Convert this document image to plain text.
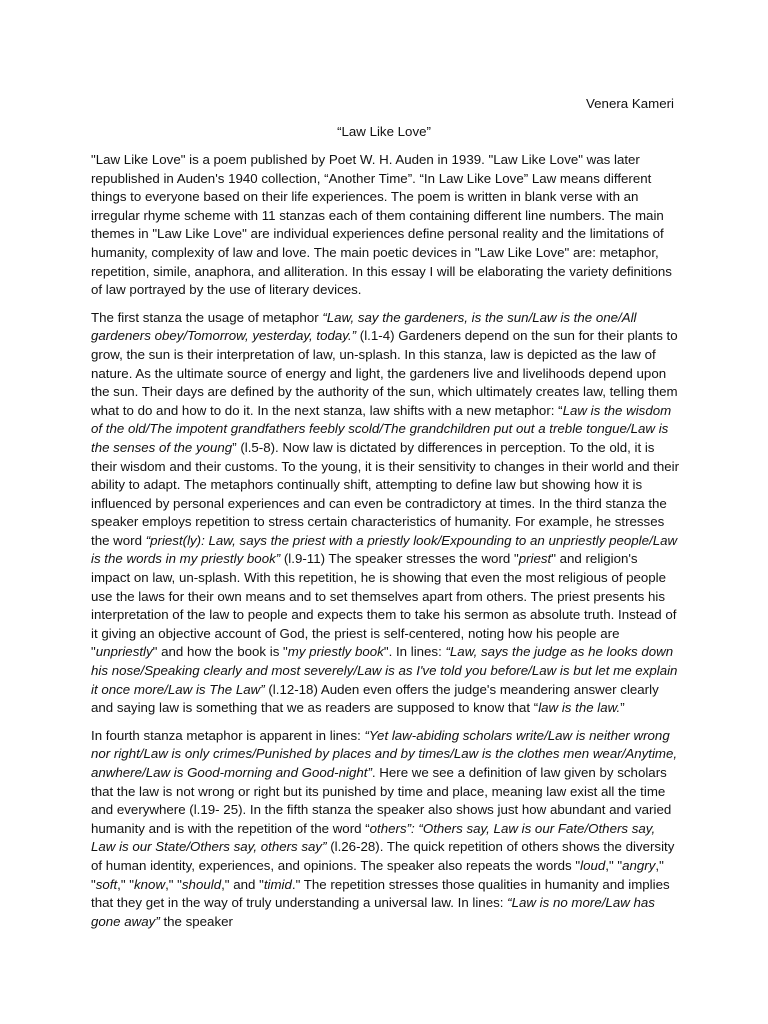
Venera Kameri

“Law Like Love”

"Law Like Love" is a poem published by Poet W. H. Auden in 1939. "Law Like Love" was later republished in Auden's 1940 collection, “Another Time”. “In Law Like Love” Law means different things to everyone based on their life experiences. The poem is written in blank verse with an irregular rhyme scheme with 11 stanzas each of them containing different line numbers. The main themes in "Law Like Love" are individual experiences define personal reality and the limitations of humanity, complexity of law and love. The main poetic devices in "Law Like Love" are: metaphor, repetition, simile, anaphora, and alliteration. In this essay I will be elaborating the variety definitions of law portrayed by the use of literary devices.

The first stanza the usage of metaphor “Law, say the gardeners, is the sun/Law is the one/All gardeners obey/Tomorrow, yesterday, today.” (l.1-4) Gardeners depend on the sun for their plants to grow, the sun is their interpretation of law, un-splash. In this stanza, law is depicted as the law of nature. As the ultimate source of energy and light, the gardeners live and livelihoods depend upon the sun. Their days are defined by the authority of the sun, which ultimately creates law, telling them what to do and how to do it. In the next stanza, law shifts with a new metaphor: “Law is the wisdom of the old/The impotent grandfathers feebly scold/The grandchildren put out a treble tongue/Law is the senses of the young” (l.5-8). Now law is dictated by differences in perception. To the old, it is their wisdom and their customs. To the young, it is their sensitivity to changes in their world and their ability to adapt. The metaphors continually shift, attempting to define law but showing how it is influenced by personal experiences and can even be contradictory at times. In the third stanza the speaker employs repetition to stress certain characteristics of humanity. For example, he stresses the word “priest(ly): Law, says the priest with a priestly look/Expounding to an unpriestly people/Law is the words in my priestly book” (l.9-11) The speaker stresses the word "priest" and religion's impact on law, un-splash. With this repetition, he is showing that even the most religious of people use the laws for their own means and to set themselves apart from others. The priest presents his interpretation of the law to people and expects them to take his sermon as absolute truth. Instead of it giving an objective account of God, the priest is self-centered, noting how his people are "unpriestly" and how the book is "my priestly book". In lines: “Law, says the judge as he looks down his nose/Speaking clearly and most severely/Law is as I've told you before/Law is but let me explain it once more/Law is The Law” (l.12-18) Auden even offers the judge's meandering answer clearly and saying law is something that we as readers are supposed to know that “law is the law.”

In fourth stanza metaphor is apparent in lines: “Yet law-abiding scholars write/Law is neither wrong nor right/Law is only crimes/Punished by places and by times/Law is the clothes men wear/Anytime, anwhere/Law is Good-morning and Good-night”. Here we see a definition of law given by scholars that the law is not wrong or right but its punished by time and place, meaning law exist all the time and everywhere (l.19- 25). In the fifth stanza the speaker also shows just how abundant and varied humanity and is with the repetition of the word “others”: “Others say, Law is our Fate/Others say, Law is our State/Others say, others say” (l.26-28). The quick repetition of others shows the diversity of human identity, experiences, and opinions. The speaker also repeats the words "loud," "angry," "soft," "know," "should," and "timid." The repetition stresses those qualities in humanity and implies that they get in the way of truly understanding a universal law. In lines: “Law is no more/Law has gone away” the speaker
